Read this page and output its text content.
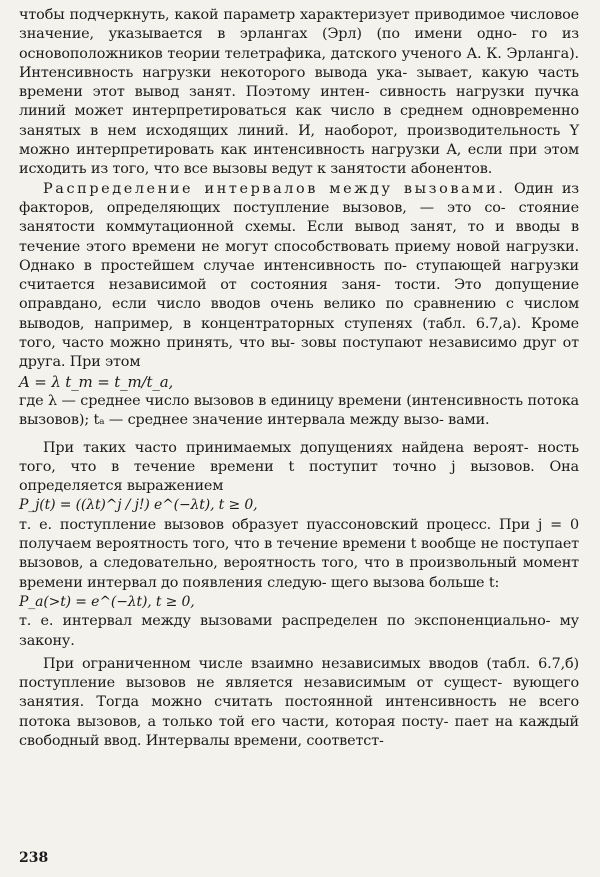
чтобы подчеркнуть, какой параметр характеризует приводимое числовое значение, указывается в эрлангах (Эрл) (по имени одно- го из основоположников теории телетрафика, датского ученого А. К. Эрланга). Интенсивность нагрузки некоторого вывода ука- зывает, какую часть времени этот вывод занят. Поэтому интен- сивность нагрузки пучка линий может интерпретироваться как число в среднем одновременно занятых в нем исходящих линий. И, наоборот, производительность Y можно интерпретировать как интенсивность нагрузки A, если при этом исходить из того, что все вызовы ведут к занятости абонентов.

Распределение интервалов между вызовами. Один из факторов, определяющих поступление вызовов, — это со- стояние занятости коммутационной схемы. Если вывод занят, то и вводы в течение этого времени не могут способствовать приему новой нагрузки. Однако в простейшем случае интенсивность по- ступающей нагрузки считается независимой от состояния заня- тости. Это допущение оправдано, если число вводов очень велико по сравнению с числом выводов, например, в концентраторных ступенях (табл. 6.7,а). Кроме того, часто можно принять, что вы- зовы поступают независимо друг от друга. При этом

A = λ t_m = t_m/t_a,

где λ — среднее число вызовов в единицу времени (интенсивность потока вызовов); tₐ — среднее значение интервала между вызо- вами.

При таких часто принимаемых допущениях найдена вероят- ность того, что в течение времени t поступит точно j вызовов. Она определяется выражением

P_j(t) = ((λt)^j / j!) e^(−λt), t ≥ 0,

т. е. поступление вызовов образует пуассоновский процесс. При j = 0 получаем вероятность того, что в течение времени t вообще не поступает вызовов, а следовательно, вероятность того, что в произвольный момент времени интервал до появления следую- щего вызова больше t:

P_a(>t) = e^(−λt), t ≥ 0,

т. е. интервал между вызовами распределен по экспоненциально- му закону.

При ограниченном числе взаимно независимых вводов (табл. 6.7,б) поступление вызовов не является независимым от сущест- вующего занятия. Тогда можно считать постоянной интенсивность не всего потока вызовов, а только той его части, которая посту- пает на каждый свободный ввод. Интервалы времени, соответст-

238
